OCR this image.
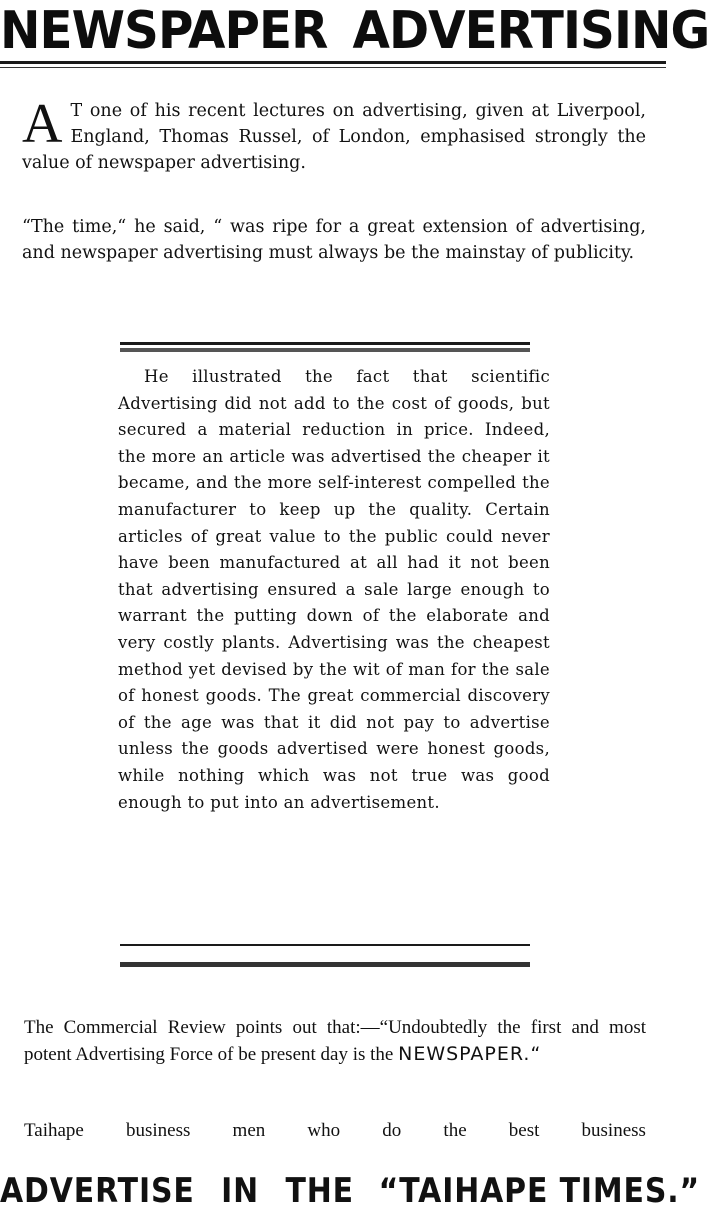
NEWSPAPER ADVERTISING
A T one of his recent lectures on advertising, given at Liverpool, England, Thomas Russel, of London, emphasised strongly the value of newspaper advertising.
“The time,“ he said, “ was ripe for a great extension of advertising, and newspaper advertising must always be the mainstay of publicity.

He illustrated the fact that scientific Advertising did not add to the cost of goods, but secured a material reduction in price. Indeed, the more an article was advertised the cheaper it became, and the more self-interest compelled the manufacturer to keep up the quality. Certain articles of great value to the public could never have been manufactured at all had it not been that advertising ensured a sale large enough to warrant the putting down of the elaborate and very costly plants. Advertising was the cheapest method yet devised by the wit of man for the sale of honest goods. The great commercial discovery of the age was that it did not pay to advertise unless the goods advertised were honest goods, while nothing which was not true was good enough to put into an advertisement.

The Commercial Review points out that:—“Undoubtedly the first and most potent Advertising Force of be present day is the NEWSPAPER.“

Taihape business men who do the best business
ADVERTISE IN THE “TAIHAPE TIMES.”
